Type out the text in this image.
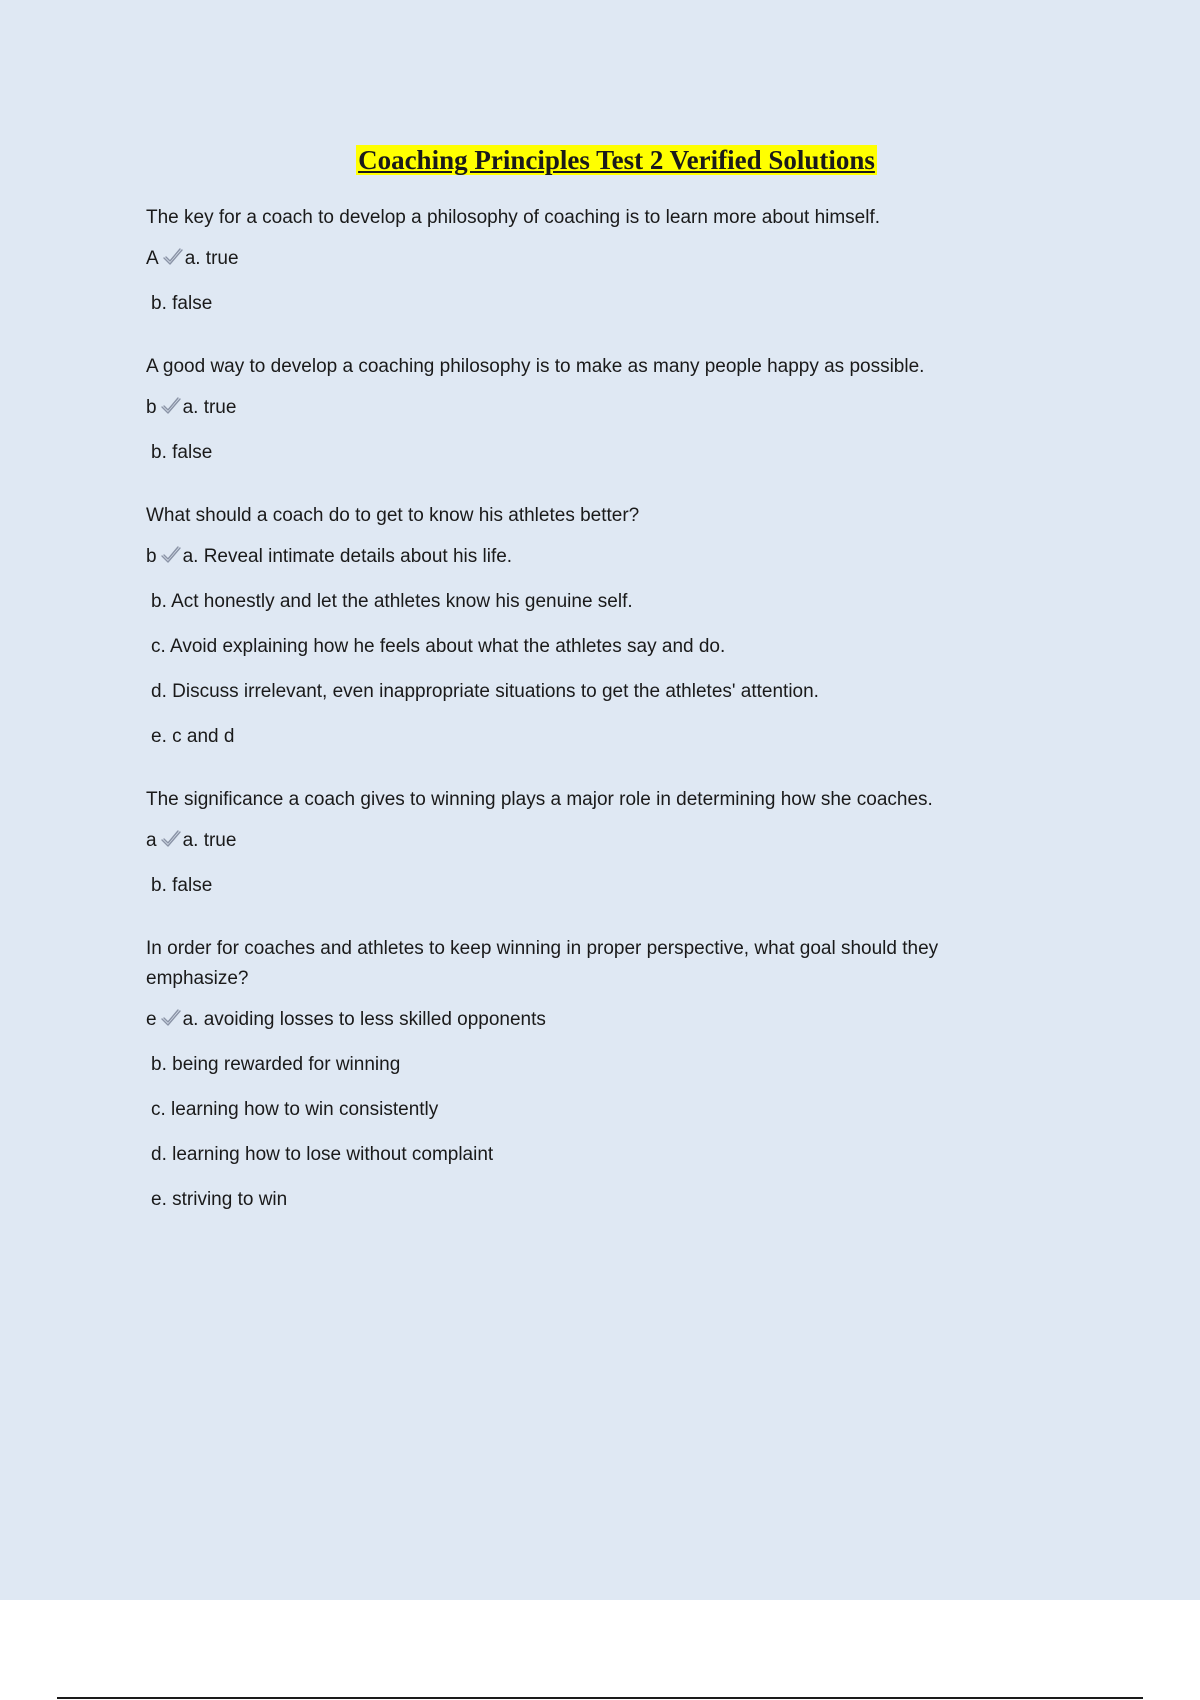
Coaching Principles Test 2 Verified Solutions
The key for a coach to develop a philosophy of coaching is to learn more about himself.
A a. true
b. false
A good way to develop a coaching philosophy is to make as many people happy as possible.
b a. true
b. false
What should a coach do to get to know his athletes better?
b a. Reveal intimate details about his life.
b. Act honestly and let the athletes know his genuine self.
c. Avoid explaining how he feels about what the athletes say and do.
d. Discuss irrelevant, even inappropriate situations to get the athletes' attention.
e. c and d
The significance a coach gives to winning plays a major role in determining how she coaches.
a a. true
b. false
In order for coaches and athletes to keep winning in proper perspective, what goal should they emphasize?
e a. avoiding losses to less skilled opponents
b. being rewarded for winning
c. learning how to win consistently
d. learning how to lose without complaint
e. striving to win
